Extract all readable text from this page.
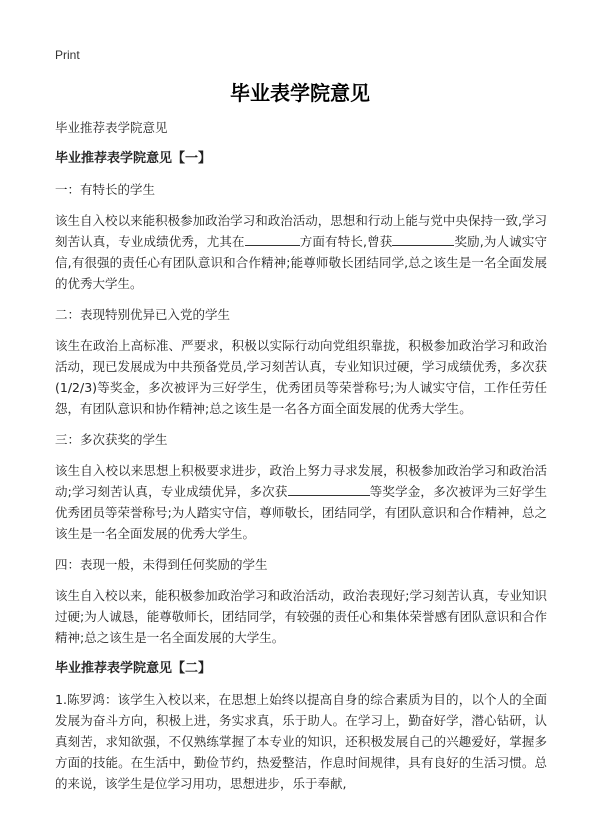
Print
毕业表学院意见

毕业推荐表学院意见

毕业推荐表学院意见【一】

一：有特长的学生

该生自入校以来能积极参加政治学习和政治活动，思想和行动上能与党中央保持一致,学习刻苦认真，专业成绩优秀，尤其在	方面有特长,曾获	奖励,为人诚实守信,有很强的责任心有团队意识和合作精神;能尊师敬长团结同学,总之该生是一名全面发展的优秀大学生。

二：表现特别优异已入党的学生

该生在政治上高标准、严要求，积极以实际行动向党组织靠拢，积极参加政治学习和政治活动，现已发展成为中共预备党员,学习刻苦认真，专业知识过硬，学习成绩优秀，多次获(1/2/3)等奖金，多次被评为三好学生，优秀团员等荣誉称号;为人诚实守信，工作任劳任怨，有团队意识和协作精神;总之该生是一名各方面全面发展的优秀大学生。

三：多次获奖的学生

该生自入校以来思想上积极要求进步，政治上努力寻求发展，积极参加政治学习和政治活动;学习刻苦认真，专业成绩优异，多次获	等奖学金，多次被评为三好学生优秀团员等荣誉称号;为人踏实守信，尊师敬长，团结同学，有团队意识和合作精神，总之该生是一名全面发展的优秀大学生。

四：表现一般，未得到任何奖励的学生

该生自入校以来，能积极参加政治学习和政治活动，政治表现好;学习刻苦认真，专业知识过硬;为人诚恳，能尊敬师长，团结同学，有较强的责任心和集体荣誉感有团队意识和合作精神;总之该生是一名全面发展的大学生。

毕业推荐表学院意见【二】

1.陈罗鸿：该学生入校以来，在思想上始终以提高自身的综合素质为目的，以个人的全面发展为奋斗方向，积极上进，务实求真，乐于助人。在学习上，勤奋好学，潜心钻研，认真刻苦，求知欲强，不仅熟练掌握了本专业的知识，还积极发展自己的兴趣爱好，掌握多方面的技能。在生活中，勤俭节约，热爱整洁，作息时间规律，具有良好的生活习惯。总的来说，该学生是位学习用功，思想进步，乐于奉献,
